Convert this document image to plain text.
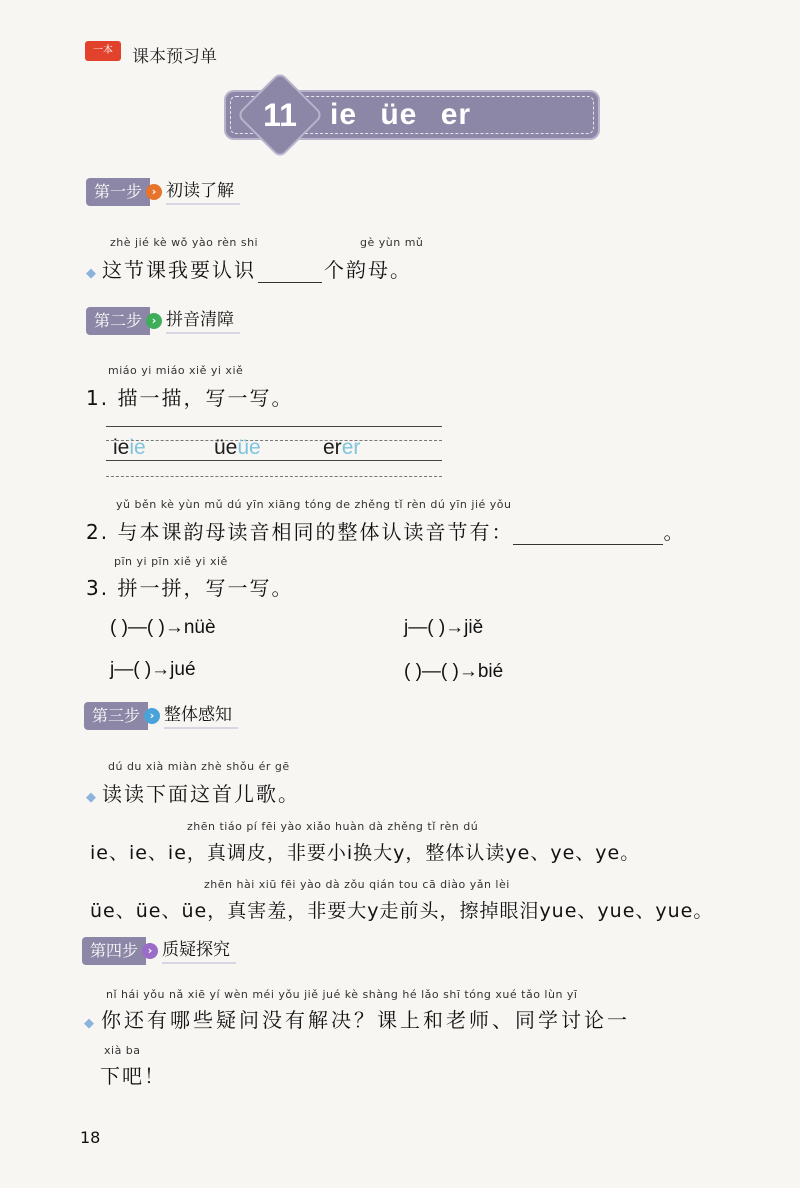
一本	课本预习单
11	ie üe er
第一步 › 初读了解
zhè jié kè wǒ yào rèn shi	gè yùn mǔ
◆ 这节课我要认识	个韵母。
第二步 › 拼音清障
miáo yi miáo xiě yi xiě
1. 描一描，写一写。
ieie	üeüe	erer
yǔ běn kè yùn mǔ dú yīn xiāng tóng de zhěng tǐ rèn dú yīn jié yǒu
2. 与本课韵母读音相同的整体认读音节有：	。
pīn yi pīn xiě yi xiě
3. 拼一拼，写一写。
( )—( )→nüè	j—( )→jiě
j—( )→jué	( )—( )→bié
第三步 › 整体感知
dú du xià miàn zhè shǒu ér gē
◆ 读读下面这首儿歌。
zhēn tiáo pí fēi yào xiǎo huàn dà zhěng tǐ rèn dú
ie、ie、ie，真调皮，非要小i换大y，整体认读ye、ye、ye。
zhēn hài xiū fēi yào dà zǒu qián tou cā diào yǎn lèi
üe、üe、üe，真害羞，非要大y走前头，擦掉眼泪yue、yue、yue。
第四步 › 质疑探究
nǐ hái yǒu nǎ xiē yí wèn méi yǒu jiě jué kè shàng hé lǎo shī tóng xué tǎo lùn yī
◆ 你还有哪些疑问没有解决？课上和老师、同学讨论一
xià ba
下吧！
18
